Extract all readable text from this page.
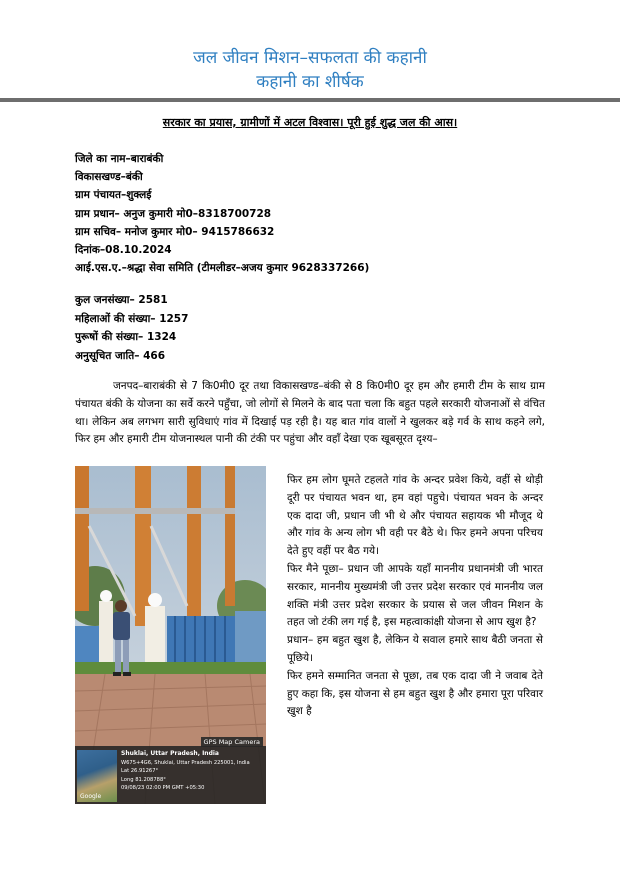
जल जीवन मिशन–सफलता की कहानी
कहानी का शीर्षक
सरकार का प्रयास, ग्रामीणों में अटल विश्वास। पूरी हुई शुद्ध जल की आस।
जिले का नाम–बाराबंकी
विकासखण्ड–बंकी
ग्राम पंचायत–शुक्लई
ग्राम प्रधान– अनुज कुमारी मो0–8318700728
ग्राम सचिव– मनोज कुमार मो0– 9415786632
दिनांक–08.10.2024
आई.एस.ए.–श्रद्धा सेवा समिति (टीमलीडर–अजय कुमार 9628337266)
कुल जनसंख्या– 2581
महिलाओं की संख्या– 1257
पुरूषों की संख्या– 1324
अनुसूचित जाति– 466
जनपद–बाराबंकी से 7 कि0मी0 दूर तथा विकासखण्ड–बंकी से 8 कि0मी0 दूर हम और हमारी टीम के साथ ग्राम पंचायत बंकी के योजना का सर्वे करने पहुँचा, जो लोगों से मिलने के बाद पता चला कि बहुत पहले सरकारी योजनाओं से वंचित था। लेकिन अब लगभग सारी सुविधाएं गांव में दिखाई पड़ रही है। यह बात गांव वालों ने खुलकर बड़े गर्व के साथ कहने लगे, फिर हम और हमारी टीम योजनास्थल पानी की टंकी पर पहुंचा और वहाँ देखा एक खूबसूरत दृश्य–
GPS Map Camera
Google
Shuklai, Uttar Pradesh, India
W675+4G6, Shuklai, Uttar Pradesh 225001, India
Lat 26.91267°
Long 81.208788°
09/08/23 02:00 PM GMT +05:30

फिर हम लोग घूमते टहलते गांव के अन्दर प्रवेश किये, वहीं से थोड़ी दूरी पर पंचायत भवन था, हम वहां पहुचे। पंचायत भवन के अन्दर एक दादा जी, प्रधान जी भी थे और पंचायत सहायक भी मौजूद थे और गांव के अन्य लोग भी वही पर बैठे थे। फिर हमने अपना परिचय देते हुए वहीं पर बैठ गये।

फिर मैने पूछा– प्रधान जी आपके यहाँ माननीय प्रधानमंत्री जी भारत सरकार, माननीय मुख्यमंत्री जी उत्तर प्रदेश सरकार एवं माननीय जल शक्ति मंत्री उत्तर प्रदेश सरकार के प्रयास से जल जीवन मिशन के तहत जो टंकी लग गई है, इस महत्वाकांक्षी योजना से आप खुश है?

प्रधान– हम बहुत खुश है, लेकिन ये सवाल हमारे साथ बैठी जनता से पूछिये।

फिर हमने सम्मानित जनता से पूछा, तब एक दादा जी ने जवाब देते हुए कहा कि, इस योजना से हम बहुत खुश है और हमारा पूरा परिवार खुश है
